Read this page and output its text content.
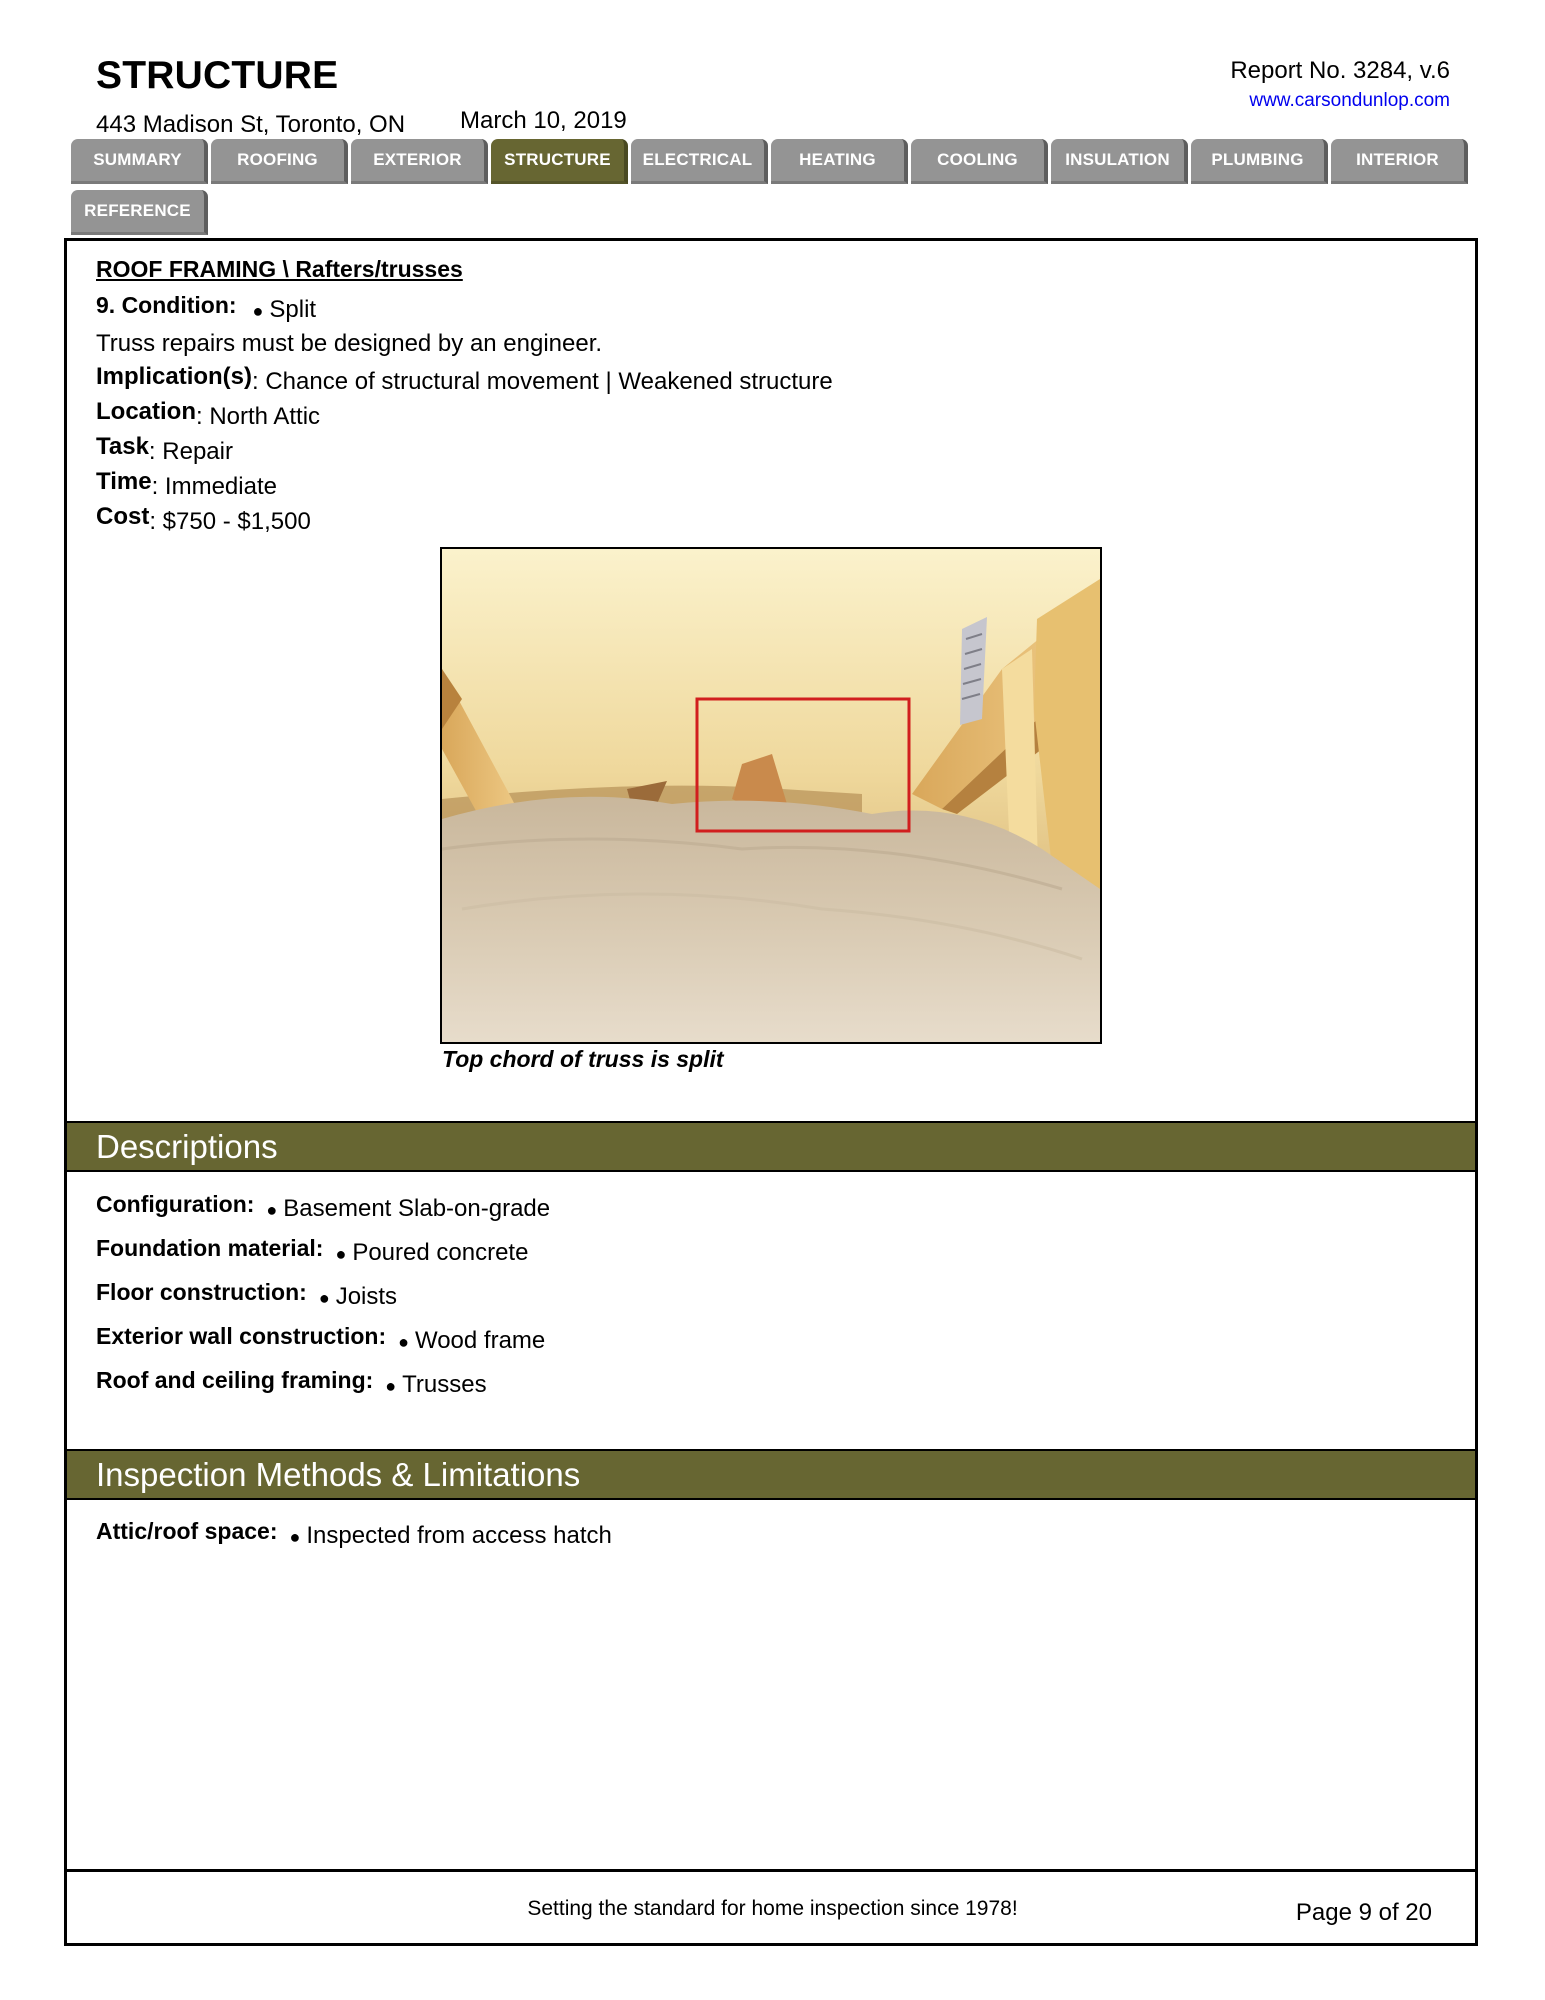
STRUCTURE
443 Madison St, Toronto, ON March 10, 2019
Report No. 3284, v.6
www.carsondunlop.com
SUMMARY	ROOFING	EXTERIOR	STRUCTURE	ELECTRICAL	HEATING	COOLING	INSULATION	PLUMBING	INTERIOR
REFERENCE
ROOF FRAMING \ Rafters/trusses
9. Condition: ● Split
Truss repairs must be designed by an engineer.
Implication(s): Chance of structural movement | Weakened structure
Location: North Attic
Task: Repair
Time: Immediate
Cost: $750 - $1,500
Top chord of truss is split
Descriptions
Configuration: ● Basement Slab-on-grade
Foundation material: ● Poured concrete
Floor construction: ● Joists
Exterior wall construction: ● Wood frame
Roof and ceiling framing: ● Trusses
Inspection Methods & Limitations
Attic/roof space: ● Inspected from access hatch
Setting the standard for home inspection since 1978!	Page 9 of 20
